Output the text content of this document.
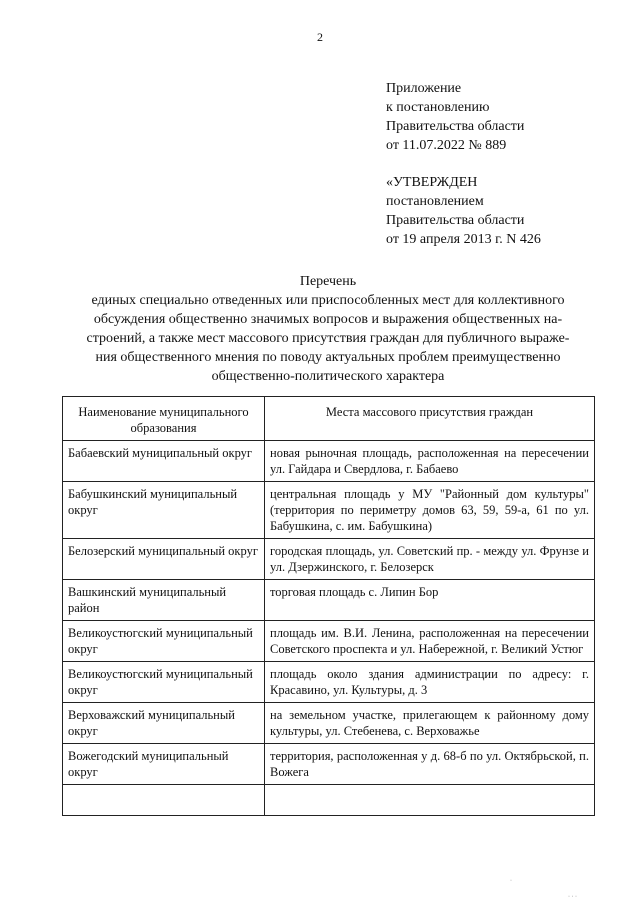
2
Приложение
к постановлению
Правительства области
от 11.07.2022 № 889
«УТВЕРЖДЕН
постановлением
Правительства области
от 19 апреля 2013 г. N 426
Перечень
единых специально отведенных или приспособленных мест для коллективного
обсуждения общественно значимых вопросов и выражения общественных на-
строений, а также мест массового присутствия граждан для публичного выраже-
ния общественного мнения по поводу актуальных проблем преимущественно
общественно-политического характера
Наименование муниципального образования	Места массового присутствия граждан
Бабаевский муниципальный округ	новая рыночная площадь, расположенная на пересечении ул. Гайдара и Свердлова, г. Бабаево
Бабушкинский муниципальный округ	центральная площадь у МУ "Районный дом культуры" (территория по периметру домов 63, 59, 59-а, 61 по ул. Бабушкина, с. им. Бабушкина)
Белозерский муниципальный округ	городская площадь, ул. Советский пр. - между ул. Фрунзе и ул. Дзержинского, г. Белозерск
Вашкинский муниципальный район	торговая площадь с. Липин Бор
Великоустюгский муниципальный округ	площадь им. В.И. Ленина, расположенная на пересечении Советского проспекта и ул. Набережной, г. Великий Устюг
Великоустюгский муниципальный округ	площадь около здания администрации по адресу: г. Красавино, ул. Культуры, д. 3
Верховажский муниципальный округ	на земельном участке, прилегающем к районному дому культуры, ул. Стебенева, с. Верховажье
Вожегодский муниципальный округ	территория, расположенная у д. 68-б по ул. Октябрьской, п. Вожега

·
· · ·
